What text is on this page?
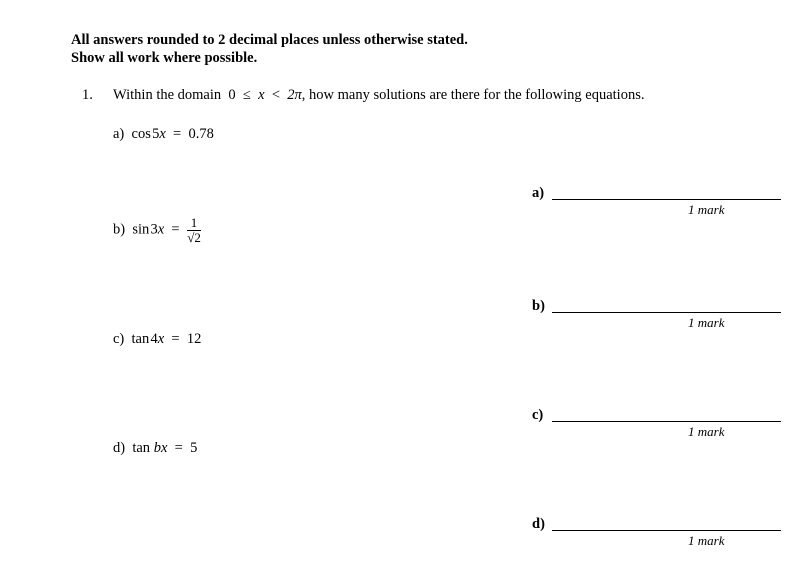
All answers rounded to 2 decimal places unless otherwise stated.
Show all work where possible.
1. Within the domain 0 ≤ x < 2π, how many solutions are there for the following equations.
a) cos 5x = 0.78
b) sin $3x = \frac{1}{√2}$
c) tan 4x = 12
d) tan bx = 5
a)
1 mark
b)
1 mark
c)
1 mark
d)
1 mark
